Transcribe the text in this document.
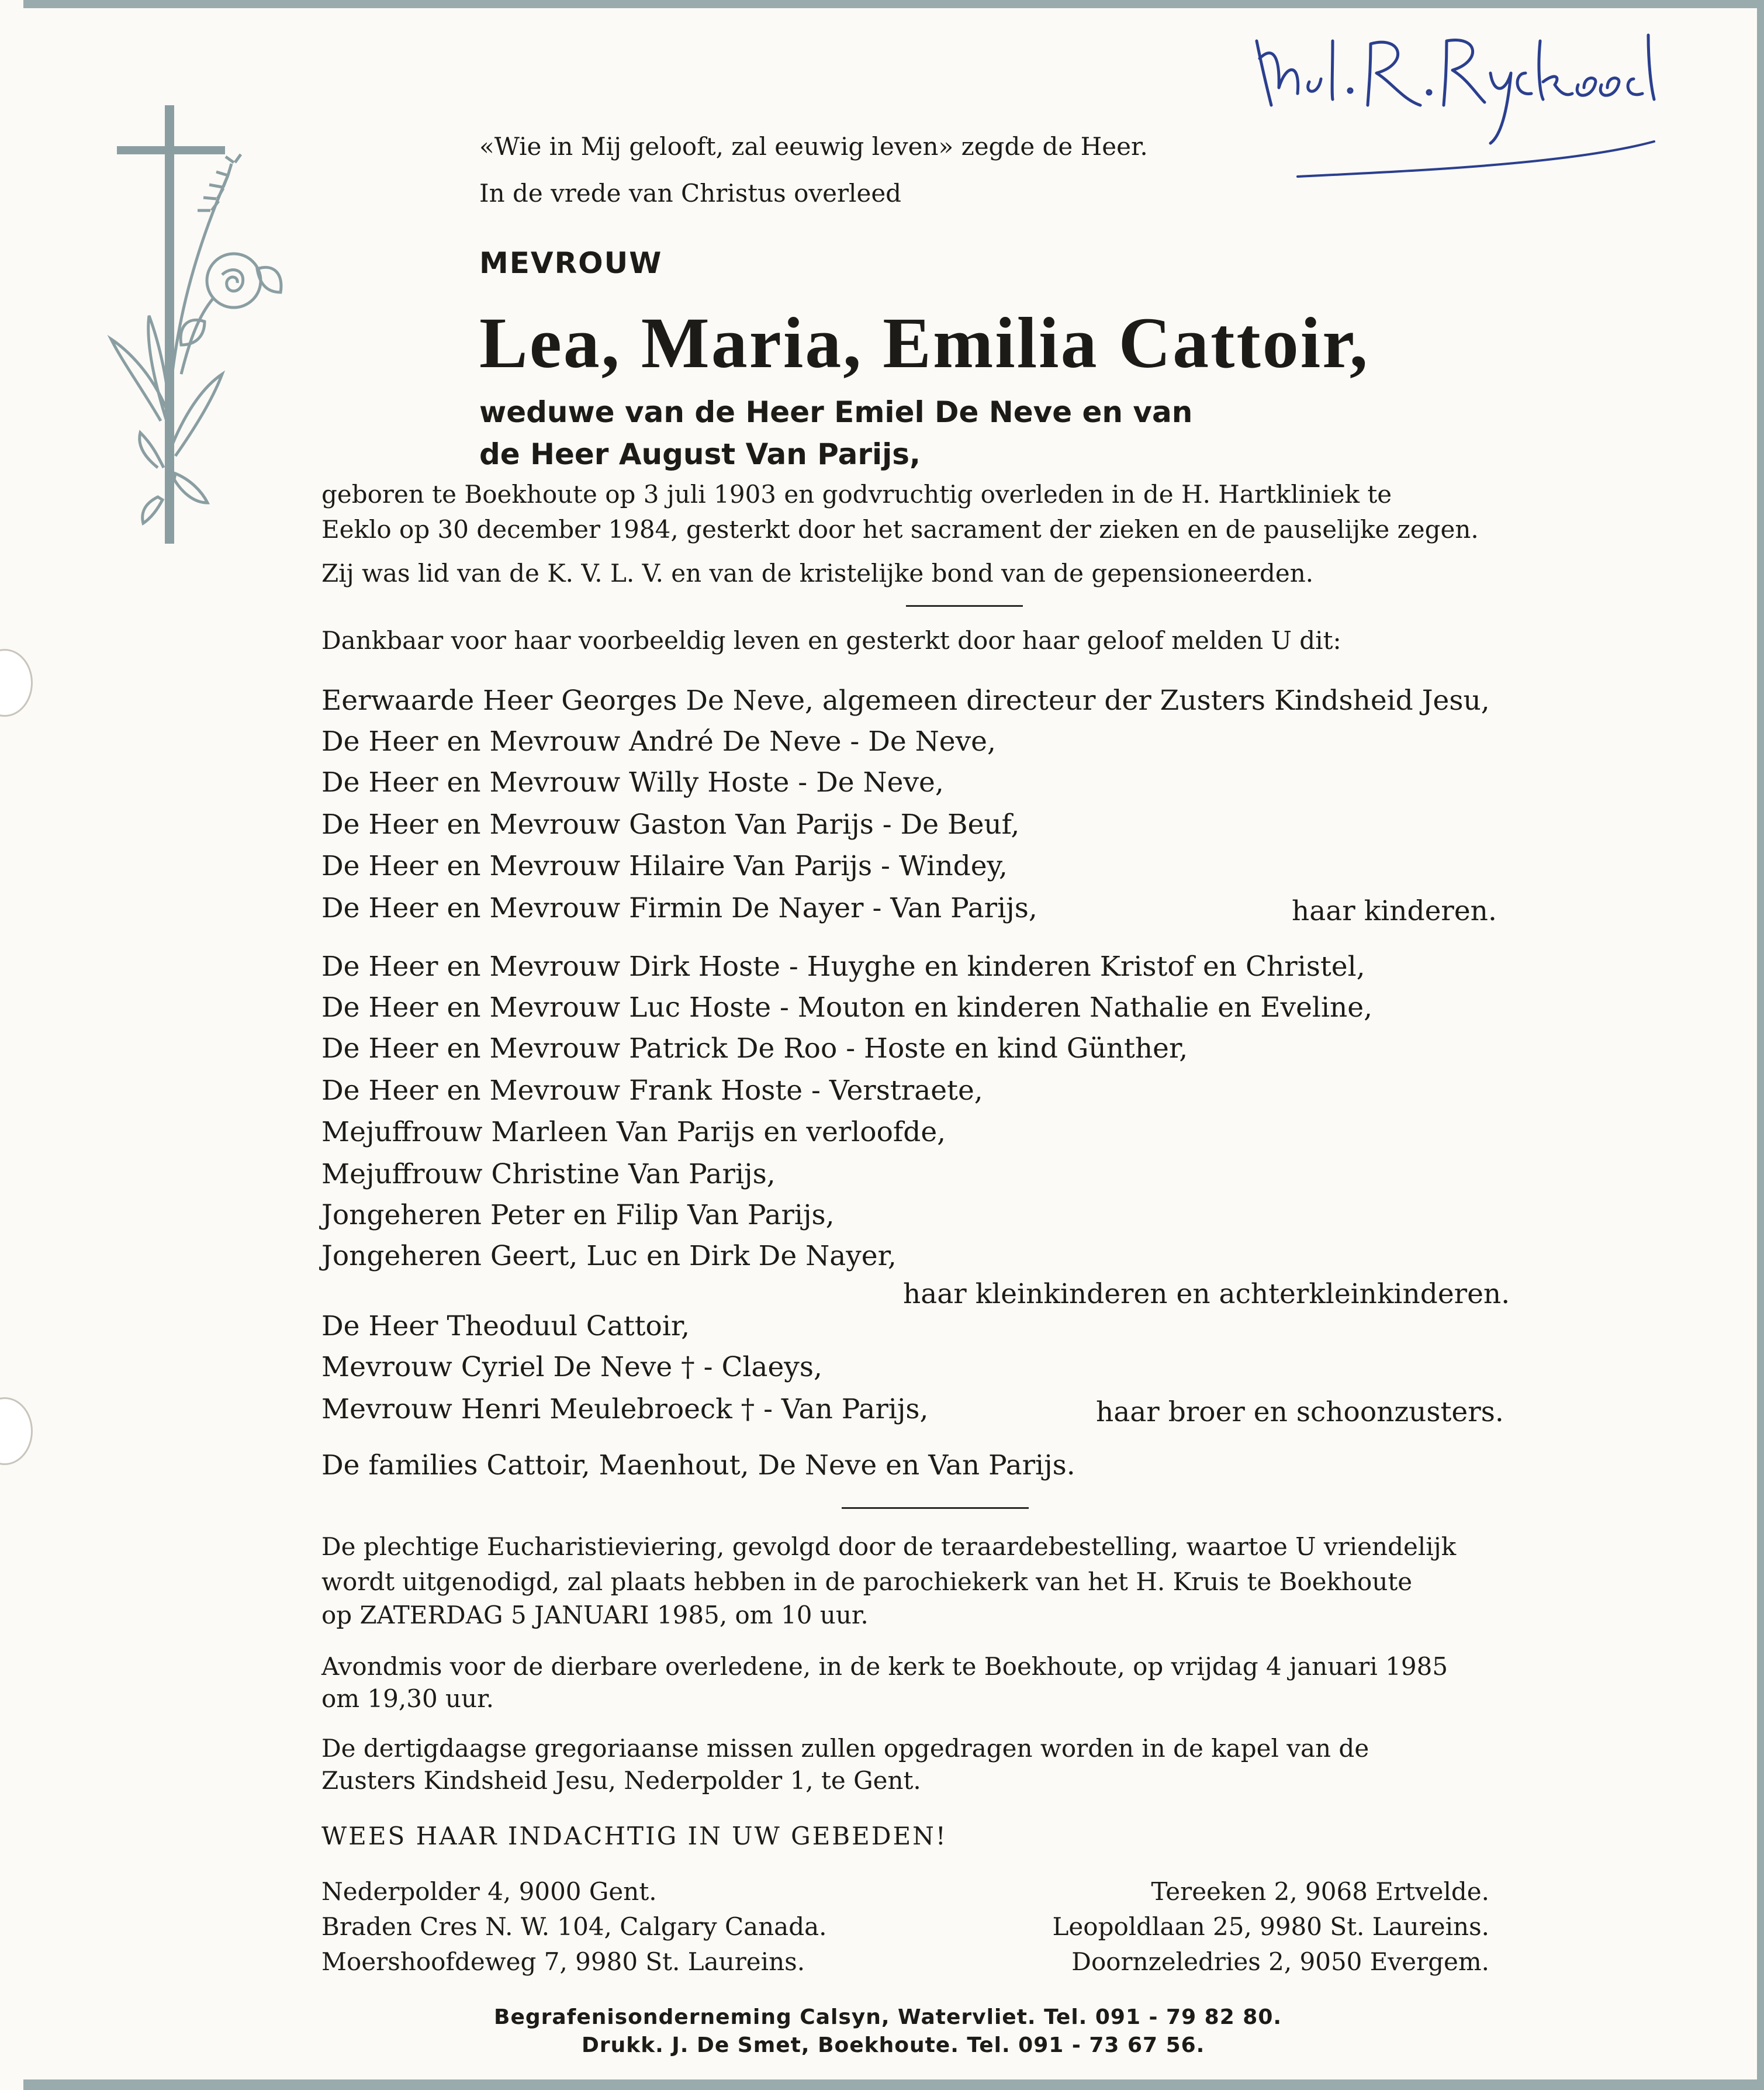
«Wie in Mij gelooft, zal eeuwig leven» zegde de Heer.
In de vrede van Christus overleed
MEVROUW
Lea, Maria, Emilia Cattoir,
weduwe van de Heer Emiel De Neve en van
de Heer August Van Parijs,
geboren te Boekhoute op 3 juli 1903 en godvruchtig overleden in de H. Hartkliniek te
Eeklo op 30 december 1984, gesterkt door het sacrament der zieken en de pauselijke zegen.
Zij was lid van de K. V. L. V. en van de kristelijke bond van de gepensioneerden.
Dankbaar voor haar voorbeeldig leven en gesterkt door haar geloof melden U dit:
Eerwaarde Heer Georges De Neve, algemeen directeur der Zusters Kindsheid Jesu,
De Heer en Mevrouw André De Neve - De Neve,
De Heer en Mevrouw Willy Hoste - De Neve,
De Heer en Mevrouw Gaston Van Parijs - De Beuf,
De Heer en Mevrouw Hilaire Van Parijs - Windey,
De Heer en Mevrouw Firmin De Nayer - Van Parijs,	haar kinderen.
De Heer en Mevrouw Dirk Hoste - Huyghe en kinderen Kristof en Christel,
De Heer en Mevrouw Luc Hoste - Mouton en kinderen Nathalie en Eveline,
De Heer en Mevrouw Patrick De Roo - Hoste en kind Günther,
De Heer en Mevrouw Frank Hoste - Verstraete,
Mejuffrouw Marleen Van Parijs en verloofde,
Mejuffrouw Christine Van Parijs,
Jongeheren Peter en Filip Van Parijs,
Jongeheren Geert, Luc en Dirk De Nayer,
haar kleinkinderen en achterkleinkinderen.
De Heer Theoduul Cattoir,
Mevrouw Cyriel De Neve † - Claeys,
Mevrouw Henri Meulebroeck † - Van Parijs,	haar broer en schoonzusters.
De families Cattoir, Maenhout, De Neve en Van Parijs.
De plechtige Eucharistieviering, gevolgd door de teraardebestelling, waartoe U vriendelijk
wordt uitgenodigd, zal plaats hebben in de parochiekerk van het H. Kruis te Boekhoute
op ZATERDAG 5 JANUARI 1985, om 10 uur.
Avondmis voor de dierbare overledene, in de kerk te Boekhoute, op vrijdag 4 januari 1985
om 19,30 uur.
De dertigdaagse gregoriaanse missen zullen opgedragen worden in de kapel van de
Zusters Kindsheid Jesu, Nederpolder 1, te Gent.
WEES HAAR INDACHTIG IN UW GEBEDEN!
Nederpolder 4, 9000 Gent.
Braden Cres N. W. 104, Calgary Canada.
Moershoofdeweg 7, 9980 St. Laureins.
Tereeken 2, 9068 Ertvelde.
Leopoldlaan 25, 9980 St. Laureins.
Doornzeledries 2, 9050 Evergem.
Begrafenisonderneming Calsyn, Watervliet. Tel. 091 - 79 82 80.
Drukk. J. De Smet, Boekhoute. Tel. 091 - 73 67 56.
